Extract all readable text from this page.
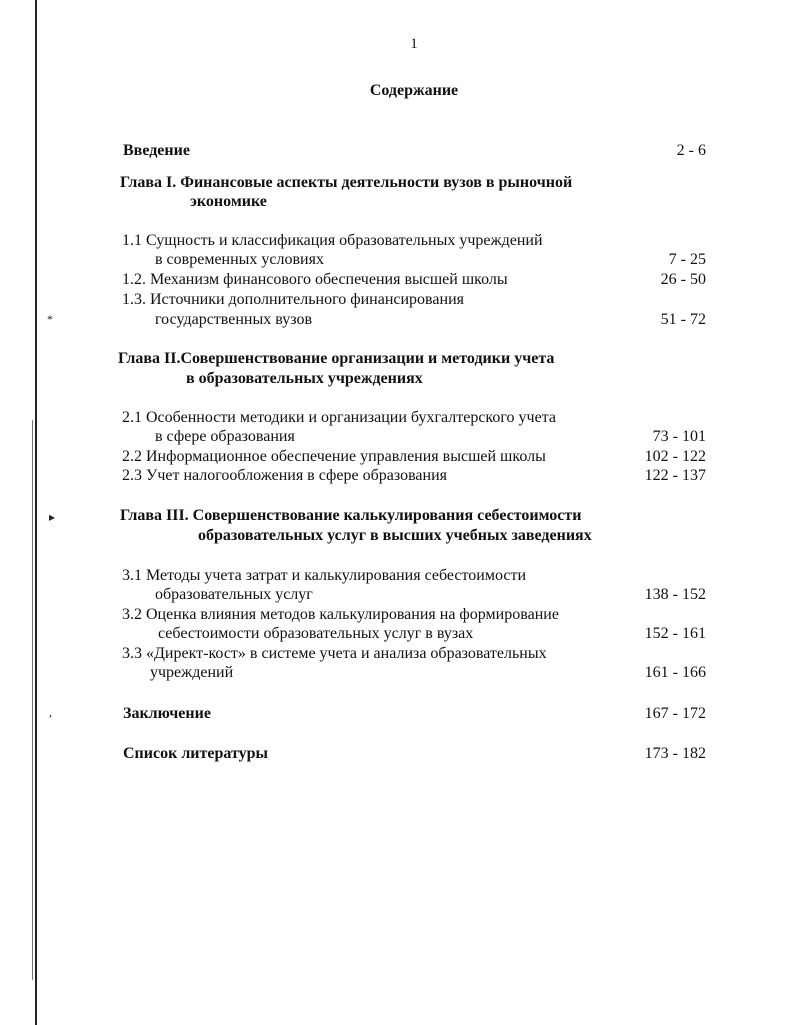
*
▸
,
1
Содержание
Введение	2 - 6
Глава I. Финансовые аспекты деятельности вузов в рыночной
экономике
1.1 Сущность и классификация образовательных учреждений
в современных условиях	7 - 25
1.2. Механизм финансового обеспечения высшей школы	26 - 50
1.3. Источники дополнительного финансирования
государственных вузов	51 - 72
Глава II.Совершенствование организации и методики учета
в образовательных учреждениях
2.1 Особенности методики и организации бухгалтерского учета
в сфере образования	73 - 101
2.2 Информационное обеспечение управления высшей школы	102 - 122
2.3 Учет налогообложения в сфере образования	122 - 137
Глава III. Совершенствование калькулирования себестоимости
образовательных услуг в высших учебных заведениях
3.1 Методы учета затрат и калькулирования себестоимости
образовательных услуг	138 - 152
3.2 Оценка влияния методов калькулирования на формирование
себестоимости образовательных услуг в вузах	152 - 161
3.3 «Директ-кост» в системе учета и анализа образовательных
учреждений	161 - 166
Заключение	167 - 172
Список литературы	173 - 182
